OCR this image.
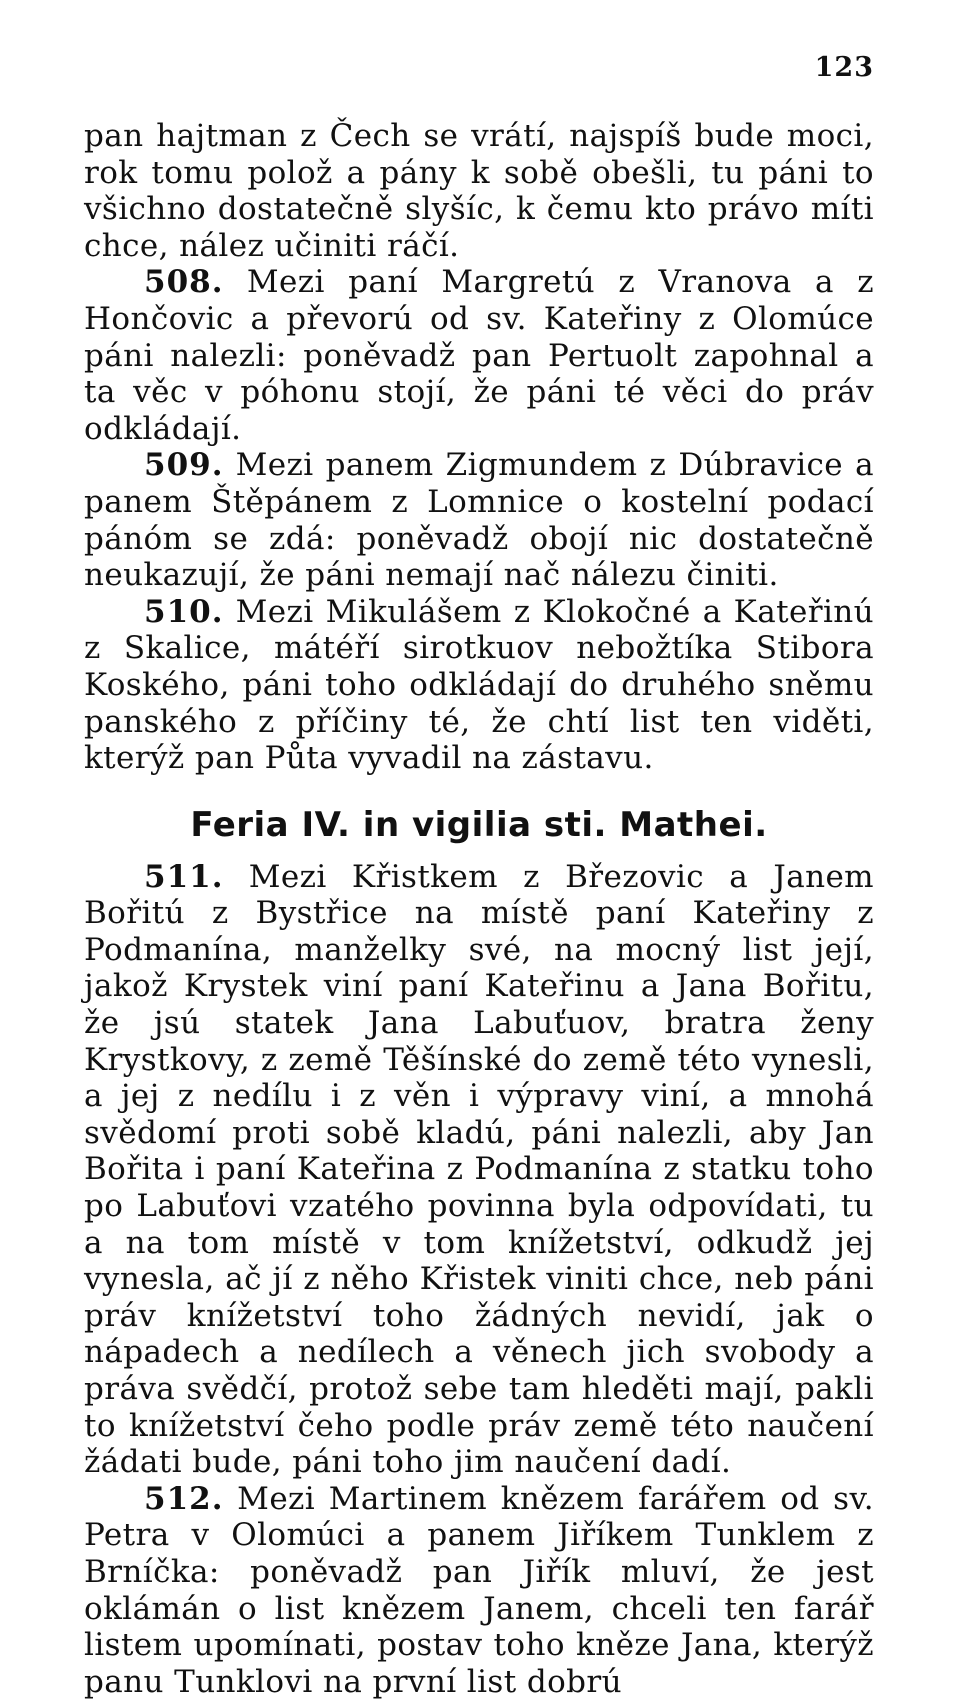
123

pan hajtman z Čech se vrátí, najspíš bude moci, rok tomu polož a pány k sobě obešli, tu páni to všichno dostatečně slyšíc, k čemu kto právo míti chce, nález učiniti ráčí.

508. Mezi paní Margretú z Vranova a z Hončovic a převorú od sv. Kateřiny z Olomúce páni nalezli: poněvadž pan Pertuolt zapohnal a ta věc v póhonu stojí, že páni té věci do práv odkládají.

509. Mezi panem Zigmundem z Dúbravice a panem Štěpánem z Lomnice o kostelní podací pánóm se zdá: poněvadž obojí nic dostatečně neukazují, že páni nemají nač nálezu činiti.

510. Mezi Mikulášem z Klokočné a Kateřinú z Skalice, mátéří sirotkuov nebožtíka Stibora Koského, páni toho odkládají do druhého sněmu panského z příčiny té, že chtí list ten viděti, kterýž pan Půta vyvadil na zástavu.

Feria IV. in vigilia sti. Mathei.

511. Mezi Křistkem z Březovic a Janem Bořitú z Bystřice na místě paní Kateřiny z Podmanína, manželky své, na mocný list její, jakož Krystek viní paní Kateřinu a Jana Bořitu, že jsú statek Jana Labuťuov, bratra ženy Krystkovy, z země Těšínské do země této vynesli, a jej z nedílu i z věn i výpravy viní, a mnohá svědomí proti sobě kladú, páni nalezli, aby Jan Bořita i paní Kateřina z Podmanína z statku toho po Labuťovi vzatého povinna byla odpovídati, tu a na tom místě v tom knížetství, odkudž jej vynesla, ač jí z něho Křistek viniti chce, neb páni práv knížetství toho žádných nevidí, jak o nápadech a nedílech a věnech jich svobody a práva svědčí, protož sebe tam hleděti mají, pakli to knížetství čeho podle práv země této naučení žádati bude, páni toho jim naučení dadí.

512. Mezi Martinem knězem farářem od sv. Petra v Olomúci a panem Jiříkem Tunklem z Brníčka: poněvadž pan Jiřík mluví, že jest oklámán o list knězem Janem, chceli ten farář listem upomínati, postav toho kněze Jana, kterýž panu Tunklovi na první list dobrú
